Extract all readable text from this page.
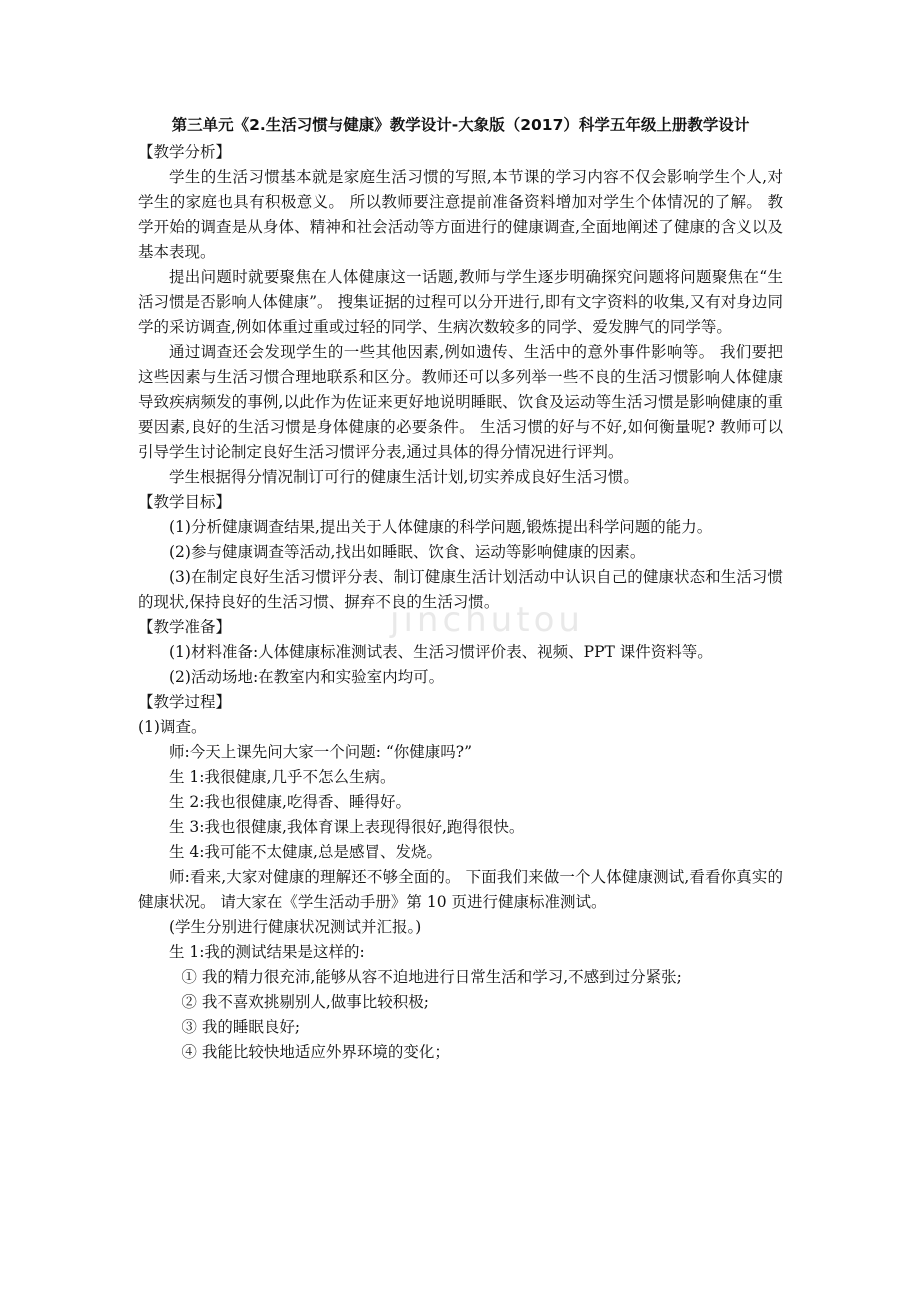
jinchutou
第三单元《2.生活习惯与健康》教学设计-大象版（2017）科学五年级上册教学设计
【教学分析】

学生的生活习惯基本就是家庭生活习惯的写照,本节课的学习内容不仅会影响学生个人,对学生的家庭也具有积极意义。 所以教师要注意提前准备资料增加对学生个体情况的了解。 教学开始的调查是从身体、精神和社会活动等方面进行的健康调查,全面地阐述了健康的含义以及基本表现。

提出问题时就要聚焦在人体健康这一话题,教师与学生逐步明确探究问题将问题聚焦在“生活习惯是否影响人体健康”。 搜集证据的过程可以分开进行,即有文字资料的收集,又有对身边同学的采访调查,例如体重过重或过轻的同学、生病次数较多的同学、爱发脾气的同学等。

通过调查还会发现学生的一些其他因素,例如遗传、生活中的意外事件影响等。 我们要把这些因素与生活习惯合理地联系和区分。教师还可以多列举一些不良的生活习惯影响人体健康导致疾病频发的事例,以此作为佐证来更好地说明睡眠、饮食及运动等生活习惯是影响健康的重要因素,良好的生活习惯是身体健康的必要条件。 生活习惯的好与不好,如何衡量呢? 教师可以引导学生讨论制定良好生活习惯评分表,通过具体的得分情况进行评判。

学生根据得分情况制订可行的健康生活计划,切实养成良好生活习惯。

【教学目标】

(1)分析健康调查结果,提出关于人体健康的科学问题,锻炼提出科学问题的能力。

(2)参与健康调查等活动,找出如睡眠、饮食、运动等影响健康的因素。

(3)在制定良好生活习惯评分表、制订健康生活计划活动中认识自己的健康状态和生活习惯的现状,保持良好的生活习惯、摒弃不良的生活习惯。

【教学准备】

(1)材料准备:人体健康标准测试表、生活习惯评价表、视频、PPT 课件资料等。

(2)活动场地:在教室内和实验室内均可。

【教学过程】

(1)调查。

师:今天上课先问大家一个问题: “你健康吗?”

生 1:我很健康,几乎不怎么生病。

生 2:我也很健康,吃得香、睡得好。

生 3:我也很健康,我体育课上表现得很好,跑得很快。

生 4:我可能不太健康,总是感冒、发烧。

师:看来,大家对健康的理解还不够全面的。 下面我们来做一个人体健康测试,看看你真实的健康状况。 请大家在《学生活动手册》第 10 页进行健康标准测试。

(学生分别进行健康状况测试并汇报。)

生 1:我的测试结果是这样的:

① 我的精力很充沛,能够从容不迫地进行日常生活和学习,不感到过分紧张;

② 我不喜欢挑剔别人,做事比较积极;

③ 我的睡眠良好;

④ 我能比较快地适应外界环境的变化；
